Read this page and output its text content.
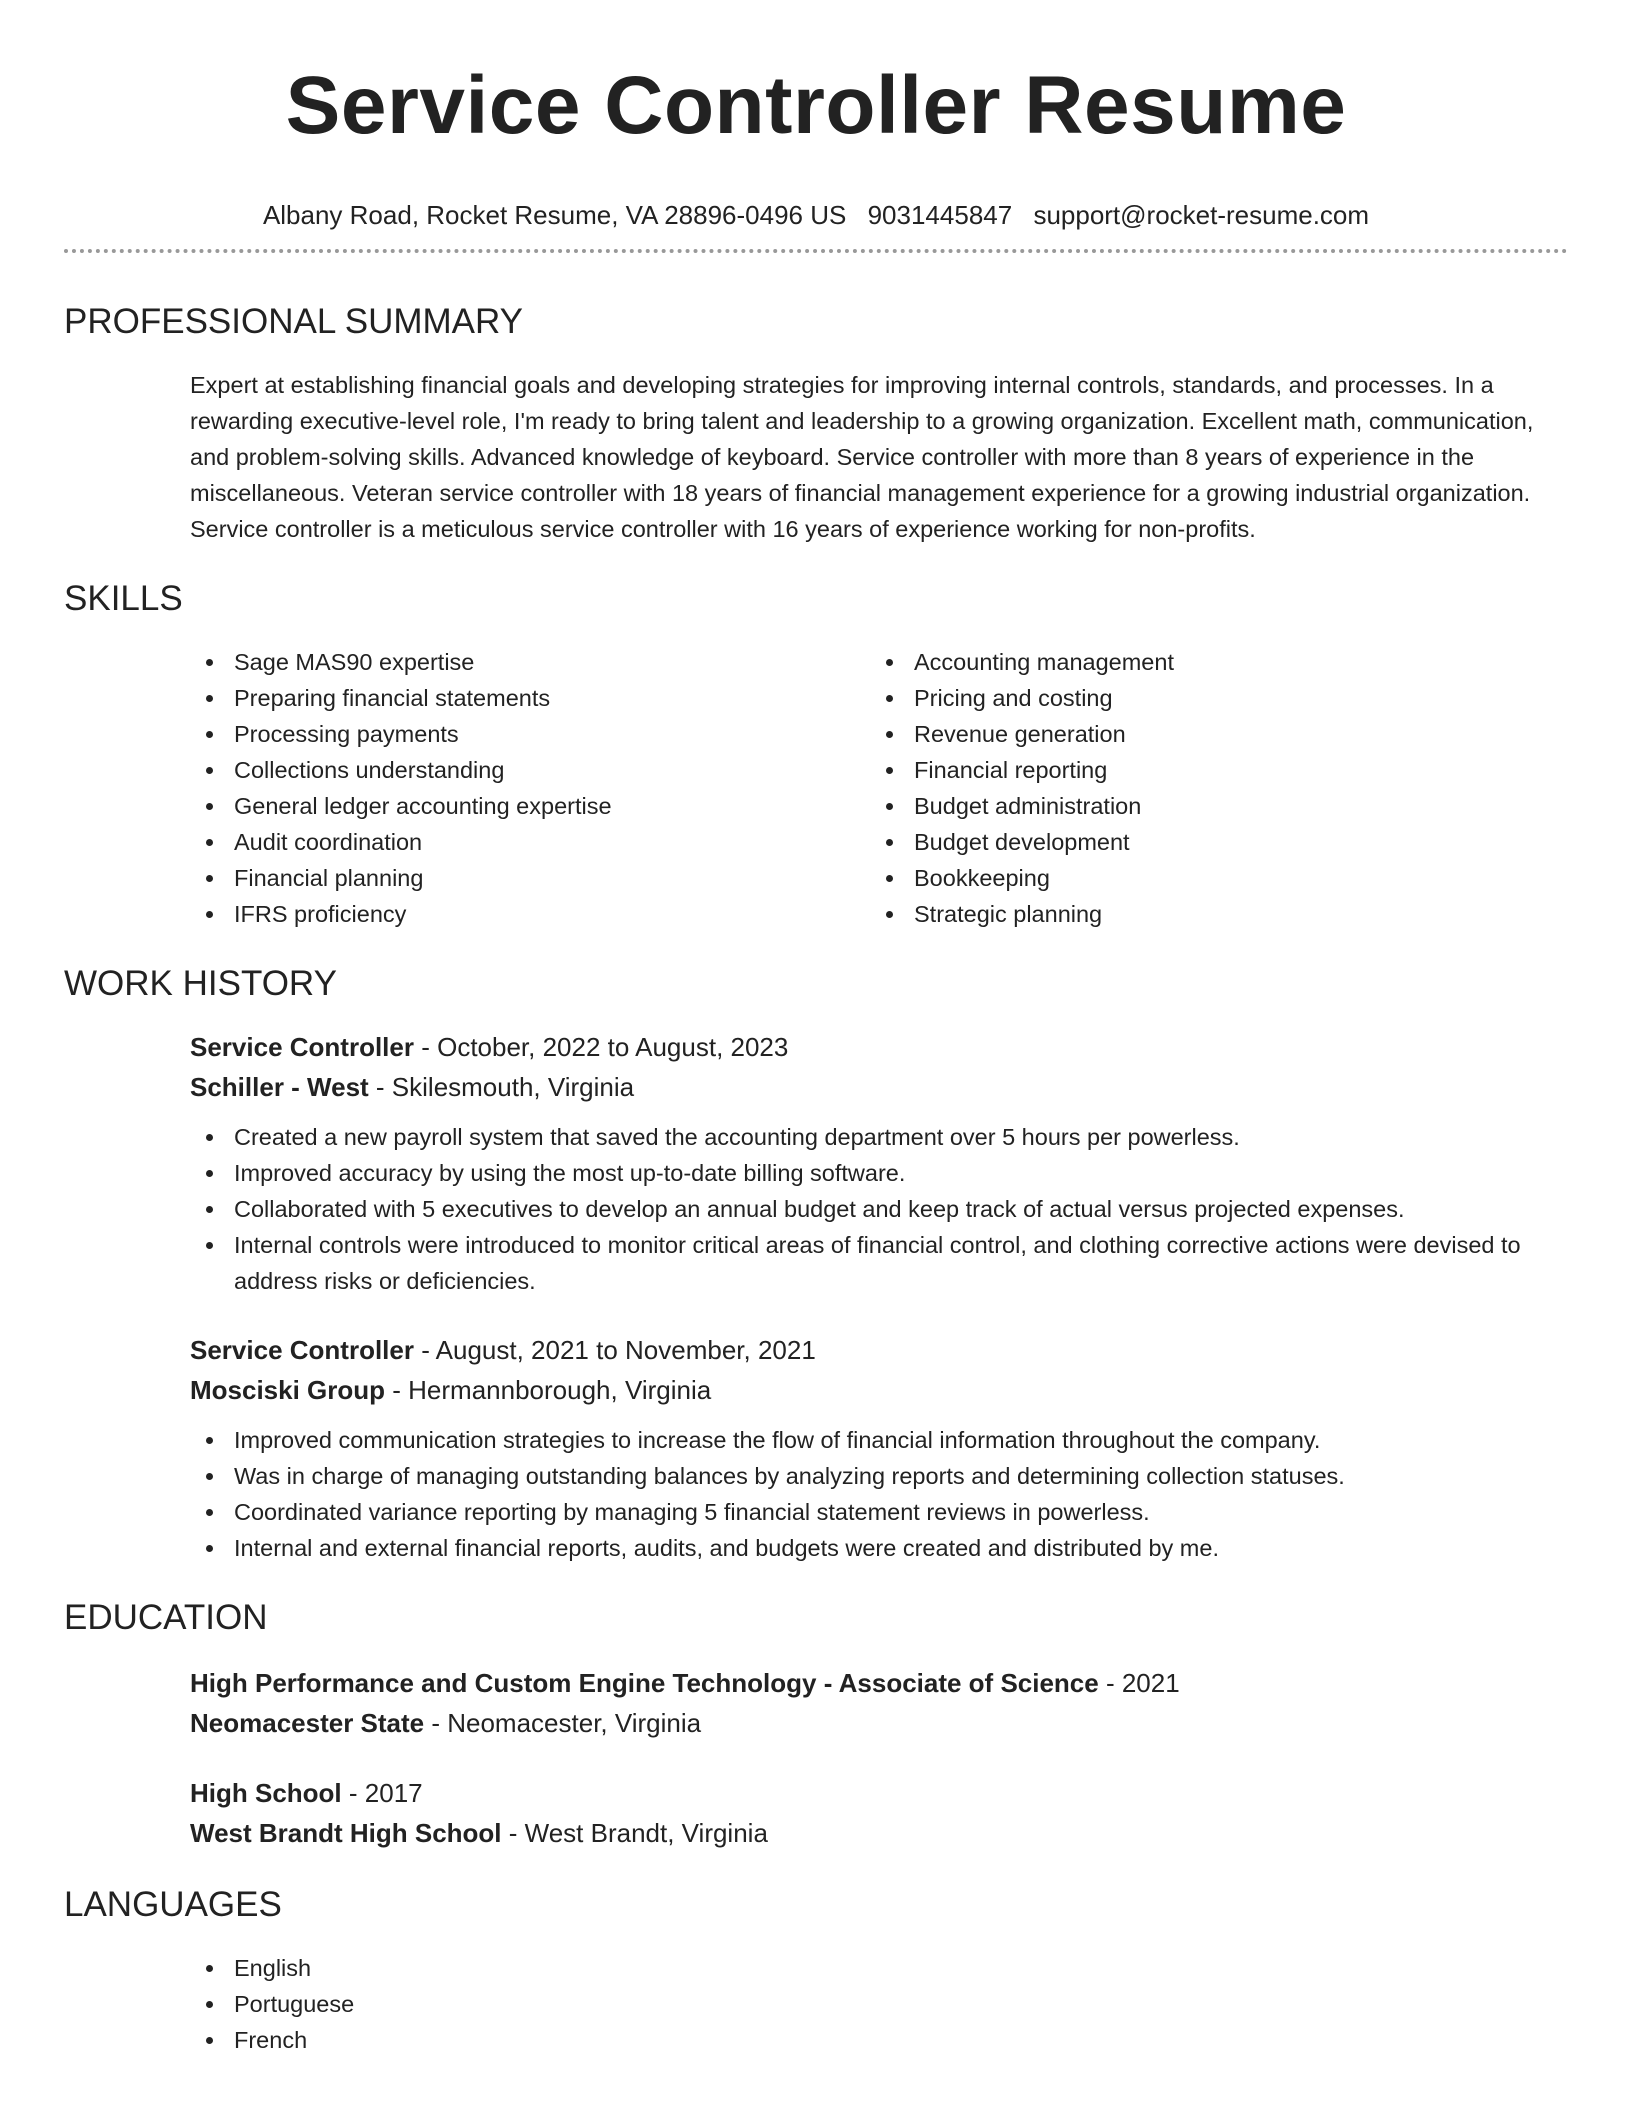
Service Controller Resume
Albany Road, Rocket Resume, VA 28896-0496 US 9031445847 support@rocket-resume.com
PROFESSIONAL SUMMARY

Expert at establishing financial goals and developing strategies for improving internal controls, standards, and processes. In a rewarding executive-level role, I'm ready to bring talent and leadership to a growing organization. Excellent math, communication, and problem-solving skills. Advanced knowledge of keyboard. Service controller with more than 8 years of experience in the miscellaneous. Veteran service controller with 18 years of financial management experience for a growing industrial organization. Service controller is a meticulous service controller with 16 years of experience working for non-profits.

SKILLS
Sage MAS90 expertise
Preparing financial statements
Processing payments
Collections understanding
General ledger accounting expertise
Audit coordination
Financial planning
IFRS proficiency
Accounting management
Pricing and costing
Revenue generation
Financial reporting
Budget administration
Budget development
Bookkeeping
Strategic planning
WORK HISTORY
Service Controller - October, 2022 to August, 2023
Schiller - West - Skilesmouth, Virginia
Created a new payroll system that saved the accounting department over 5 hours per powerless.
Improved accuracy by using the most up-to-date billing software.
Collaborated with 5 executives to develop an annual budget and keep track of actual versus projected expenses.
Internal controls were introduced to monitor critical areas of financial control, and clothing corrective actions were devised to address risks or deficiencies.
Service Controller - August, 2021 to November, 2021
Mosciski Group - Hermannborough, Virginia
Improved communication strategies to increase the flow of financial information throughout the company.
Was in charge of managing outstanding balances by analyzing reports and determining collection statuses.
Coordinated variance reporting by managing 5 financial statement reviews in powerless.
Internal and external financial reports, audits, and budgets were created and distributed by me.
EDUCATION
High Performance and Custom Engine Technology - Associate of Science - 2021
Neomacester State - Neomacester, Virginia
High School - 2017
West Brandt High School - West Brandt, Virginia
LANGUAGES
English
Portuguese
French
